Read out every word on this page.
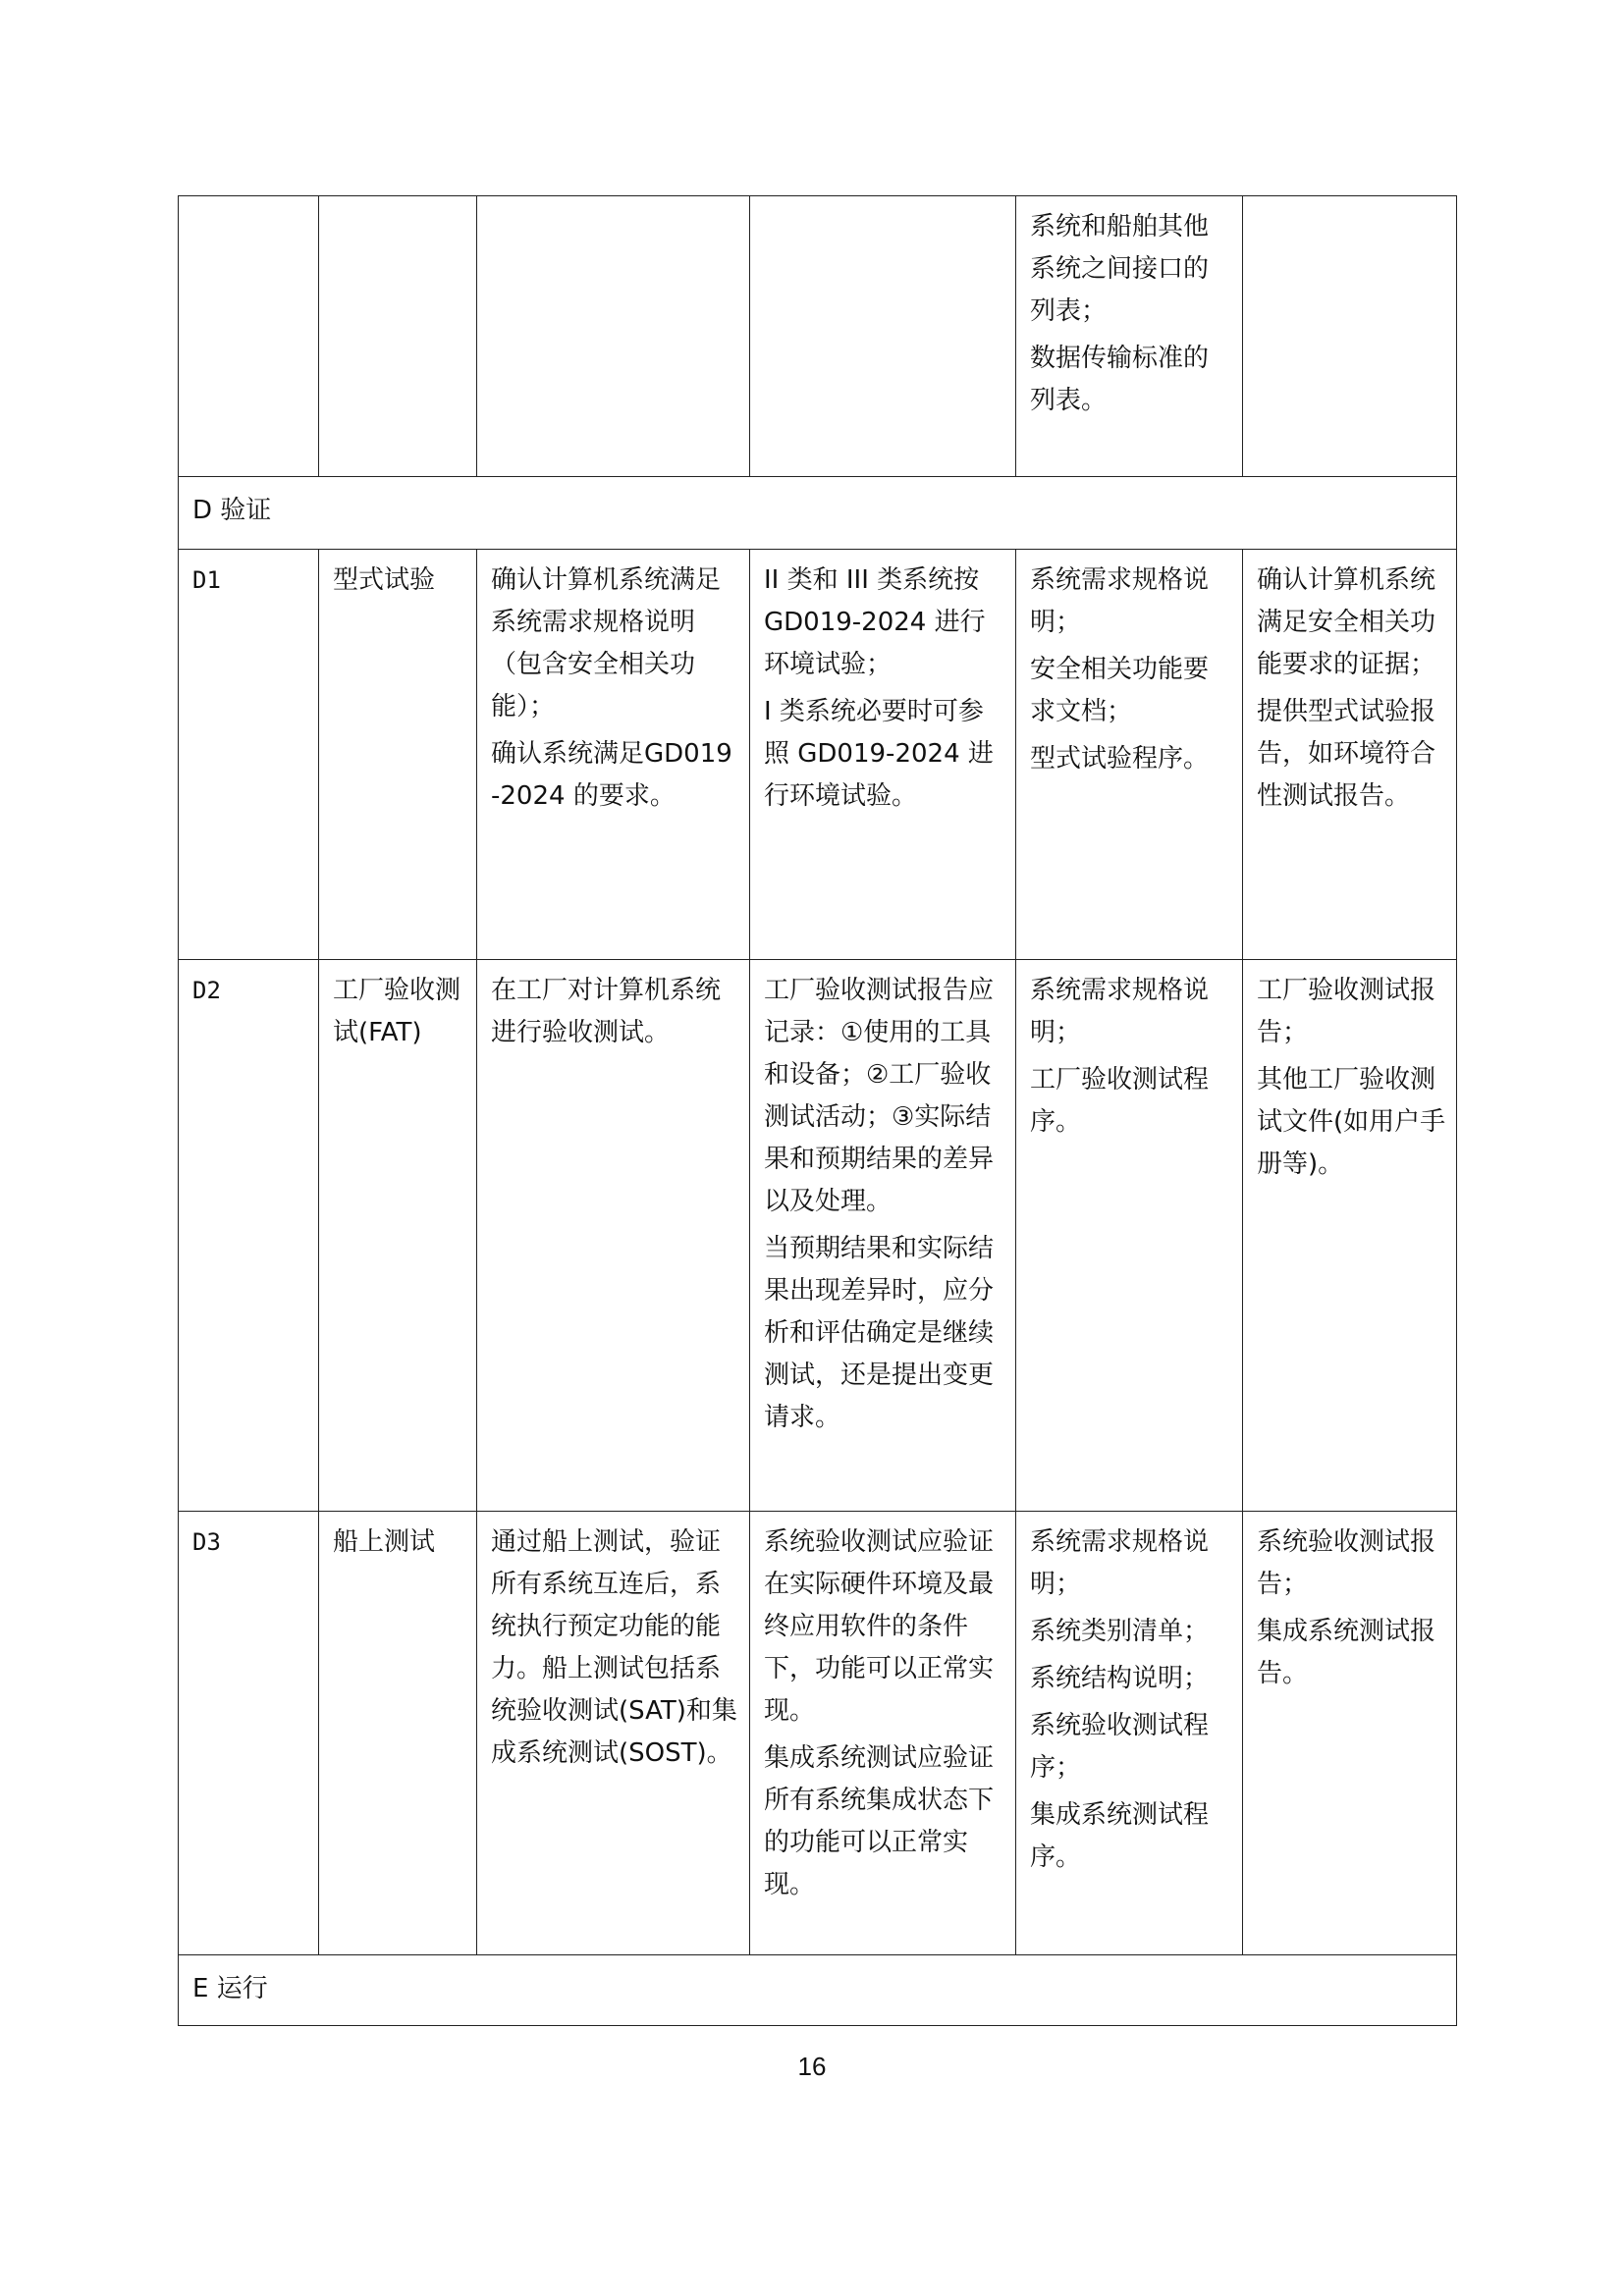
				系统和船舶其他系统之间接口的列表；
数据传输标准的列表。	

D 验证					
D1	型式试验	确认计算机系统满足系统需求规格说明（包含安全相关功能）；
确认系统满足GD019-2024 的要求。	II 类和 III 类系统按 GD019-2024 进行环境试验；
I 类系统必要时可参照 GD019-2024 进行环境试验。	系统需求规格说明；
安全相关功能要求文档；
型式试验程序。	确认计算机系统满足安全相关功能要求的证据；
提供型式试验报告，如环境符合性测试报告。

D2	工厂验收测试(FAT)	在工厂对计算机系统进行验收测试。	工厂验收测试报告应记录：①使用的工具和设备；②工厂验收测试活动；③实际结果和预期结果的差异以及处理。
当预期结果和实际结果出现差异时，应分析和评估确定是继续测试，还是提出变更请求。	系统需求规格说明；
工厂验收测试程序。	工厂验收测试报告；
其他工厂验收测试文件(如用户手册等)。

D3	船上测试	通过船上测试，验证所有系统互连后，系统执行预定功能的能力。船上测试包括系统验收测试(SAT)和集成系统测试(SOST)。	系统验收测试应验证在实际硬件环境及最终应用软件的条件下，功能可以正常实现。
集成系统测试应验证所有系统集成状态下的功能可以正常实现。	系统需求规格说明；
系统类别清单；
系统结构说明；
系统验收测试程序；
集成系统测试程序。	系统验收测试报告；
集成系统测试报告。

E 运行					
16
